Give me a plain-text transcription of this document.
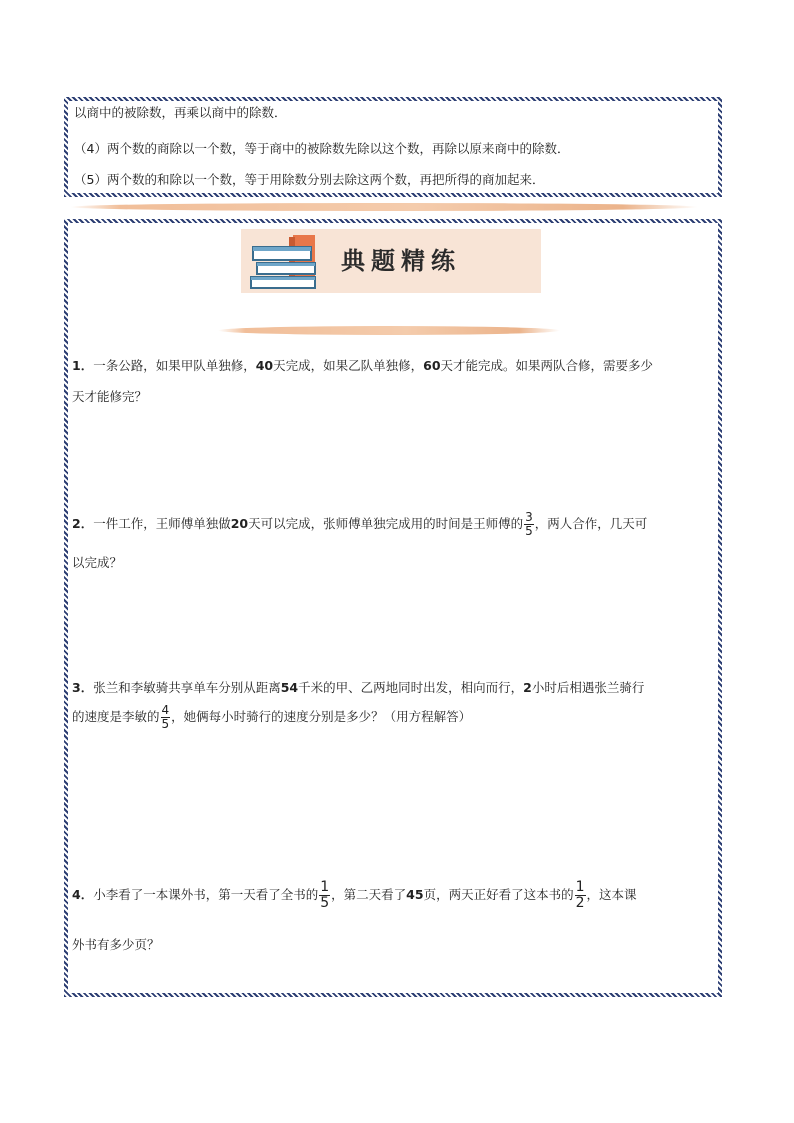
以商中的被除数，再乘以商中的除数．
（4）两个数的商除以一个数，等于商中的被除数先除以这个数，再除以原来商中的除数．
（5）两个数的和除以一个数，等于用除数分别去除这两个数，再把所得的商加起来．
典题精练
1．一条公路，如果甲队单独修，40天完成，如果乙队单独修，60天才能完成。如果两队合修，需要多少
天才能修完？
2．一件工作，王师傅单独做20天可以完成，张师傅单独完成用的时间是王师傅的 $\frac{3}{5}$ ，两人合作，几天可
以完成？
3．张兰和李敏骑共享单车分别从距离54千米的甲、乙两地同时出发，相向而行，2小时后相遇张兰骑行
的速度是李敏的 $\frac{4}{5}$ ，她俩每小时骑行的速度分别是多少？（用方程解答）
4．小李看了一本课外书，第一天看了全书的 $\frac{1}{5}$ ，第二天看了45页，两天正好看了这本书的 $\frac{1}{2}$ ，这本课
外书有多少页？
